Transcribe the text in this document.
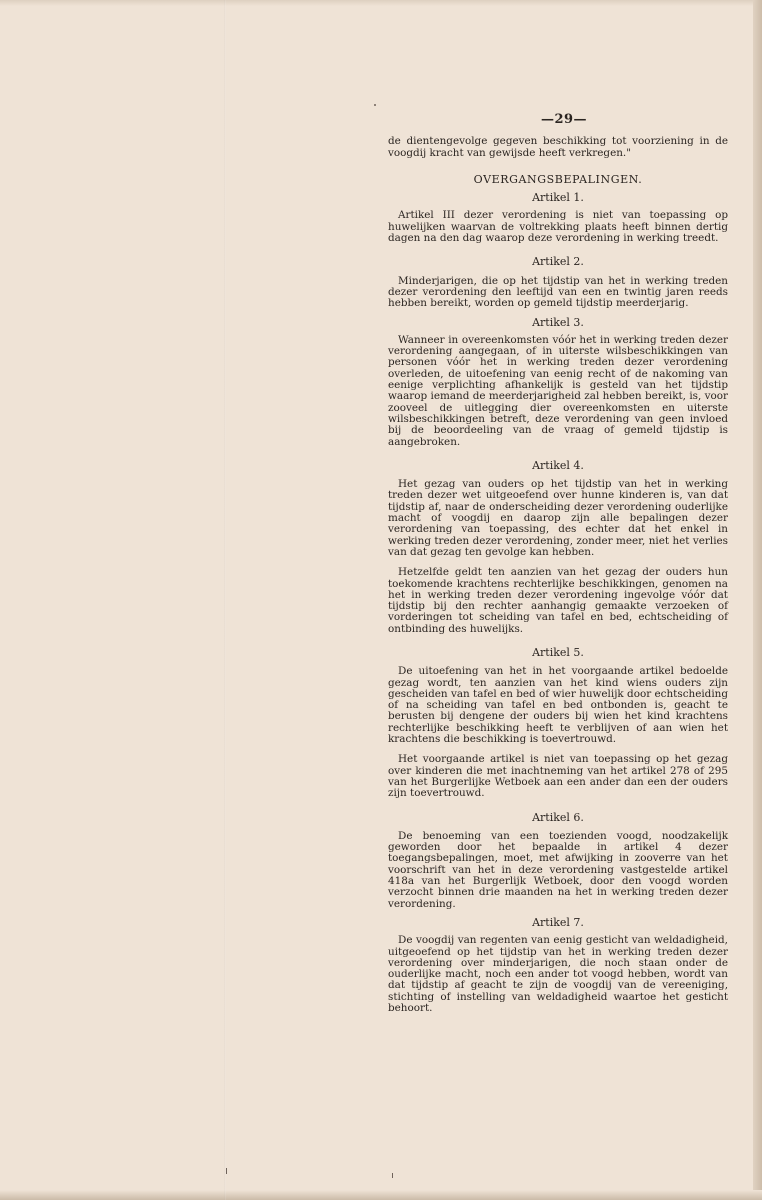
—29—

de dientengevolge gegeven beschikking tot voorziening in de voogdij kracht van gewijsde heeft verkregen."

OVERGANGSBEPALINGEN.
Artikel 1.

Artikel III dezer verordening is niet van toepassing op huwelijken waarvan de voltrekking plaats heeft binnen dertig dagen na den dag waarop deze verordening in werking treedt.

Artikel 2.

Minderjarigen, die op het tijdstip van het in werking treden dezer verordening den leeftijd van een en twintig jaren reeds hebben bereikt, worden op gemeld tijdstip meerderjarig.

Artikel 3.

Wanneer in overeenkomsten vóór het in werking treden dezer verordening aangegaan, of in uiterste wilsbeschikkingen van personen vóór het in werking treden dezer verordening overleden, de uitoefening van eenig recht of de nakoming van eenige verplichting afhankelijk is gesteld van het tijdstip waarop iemand de meerderjarigheid zal hebben bereikt, is, voor zooveel de uitlegging dier overeenkomsten en uiterste wilsbeschikkingen betreft, deze verordening van geen invloed bij de beoordeeling van de vraag of gemeld tijdstip is aangebroken.

Artikel 4.

Het gezag van ouders op het tijdstip van het in werking treden dezer wet uitgeoefend over hunne kinderen is, van dat tijdstip af, naar de onderscheiding dezer verordening ouderlijke macht of voogdij en daarop zijn alle bepalingen dezer verordening van toepassing, des echter dat het enkel in werking treden dezer verordening, zonder meer, niet het verlies van dat gezag ten gevolge kan hebben.

Hetzelfde geldt ten aanzien van het gezag der ouders hun toekomende krachtens rechterlijke beschikkingen, genomen na het in werking treden dezer verordening ingevolge vóór dat tijdstip bij den rechter aanhangig gemaakte verzoeken of vorderingen tot scheiding van tafel en bed, echtscheiding of ontbinding des huwelijks.

Artikel 5.

De uitoefening van het in het voorgaande artikel bedoelde gezag wordt, ten aanzien van het kind wiens ouders zijn gescheiden van tafel en bed of wier huwelijk door echtscheiding of na scheiding van tafel en bed ontbonden is, geacht te berusten bij dengene der ouders bij wien het kind krachtens rechterlijke beschikking heeft te verblijven of aan wien het krachtens die beschikking is toevertrouwd.

Het voorgaande artikel is niet van toepassing op het gezag over kinderen die met inachtneming van het artikel 278 of 295 van het Burgerlijke Wetboek aan een ander dan een der ouders zijn toevertrouwd.

Artikel 6.

De benoeming van een toezienden voogd, noodzakelijk geworden door het bepaalde in artikel 4 dezer toegangsbepalingen, moet, met afwijking in zooverre van het voorschrift van het in deze verordening vastgestelde artikel 418a van het Burgerlijk Wetboek, door den voogd worden verzocht binnen drie maanden na het in werking treden dezer verordening.

Artikel 7.

De voogdij van regenten van eenig gesticht van weldadigheid, uitgeoefend op het tijdstip van het in werking treden dezer verordening over minderjarigen, die noch staan onder de ouderlijke macht, noch een ander tot voogd hebben, wordt van dat tijdstip af geacht te zijn de voogdij van de vereeniging, stichting of instelling van weldadigheid waartoe het gesticht behoort.
